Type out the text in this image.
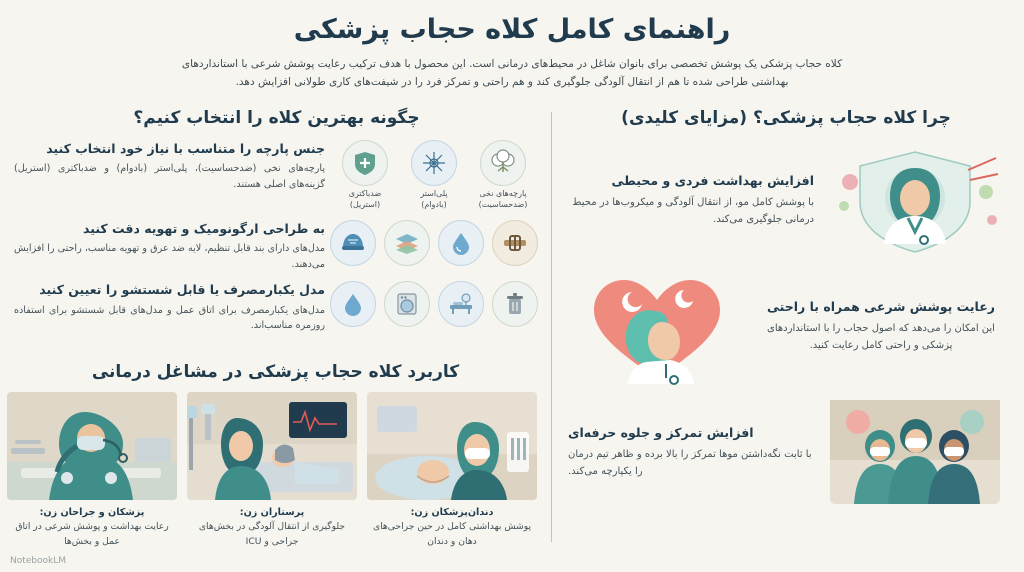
راهنمای کامل کلاه حجاب پزشکی
کلاه حجاب پزشکی یک پوشش تخصصی برای بانوان شاغل در محیط‌های درمانی است. این محصول با هدف ترکیب رعایت پوشش شرعی با استانداردهای بهداشتی طراحی شده تا هم از انتقال آلودگی جلوگیری کند و هم راحتی و تمرکز فرد را در شیفت‌های کاری طولانی افزایش دهد.
چرا کلاه حجاب پزشکی؟ (مزایای کلیدی)
افزایش بهداشت فردی و محیطی
با پوشش کامل مو، از انتقال آلودگی و میکروب‌ها در محیط درمانی جلوگیری می‌کند.
رعایت پوشش شرعی همراه با راحتی
این امکان را می‌دهد که اصول حجاب را با استانداردهای پزشکی و راحتی کامل رعایت کنید.
افزایش تمرکز و جلوه حرفه‌ای
با ثابت نگه‌داشتن موها تمرکز را بالا برده و ظاهر تیم درمان را یکپارچه می‌کند.
چگونه بهترین کلاه را انتخاب کنیم؟
پارچه‌های نخی
(ضدحساسیت)
پلی‌استر
(بادوام)
ضدباکتری
(استریل)
جنس پارچه را متناسب با نیاز خود انتخاب کنید
پارچه‌های نخی (ضدحساسیت)، پلی‌استر (بادوام) و ضدباکتری (استریل) گزینه‌های اصلی هستند.
به طراحی ارگونومیک و تهویه دقت کنید
مدل‌های دارای بند قابل تنظیم، لایه ضد عرق و تهویه مناسب، راحتی را افزایش می‌دهند.
مدل یکبارمصرف یا قابل شستشو را تعیین کنید
مدل‌های یکبارمصرف برای اتاق عمل و مدل‌های قابل شستشو برای استفاده روزمره مناسب‌اند.
کاربرد کلاه حجاب پزشکی در مشاغل درمانی
دندان‌پزشکان زن:
پوشش بهداشتی کامل در حین جراحی‌های دهان و دندان
پرستاران زن:
جلوگیری از انتقال آلودگی در بخش‌های جراحی و ICU
پزشکان و جراحان زن:
رعایت بهداشت و پوشش شرعی در اتاق عمل و بخش‌ها
NotebookLM
